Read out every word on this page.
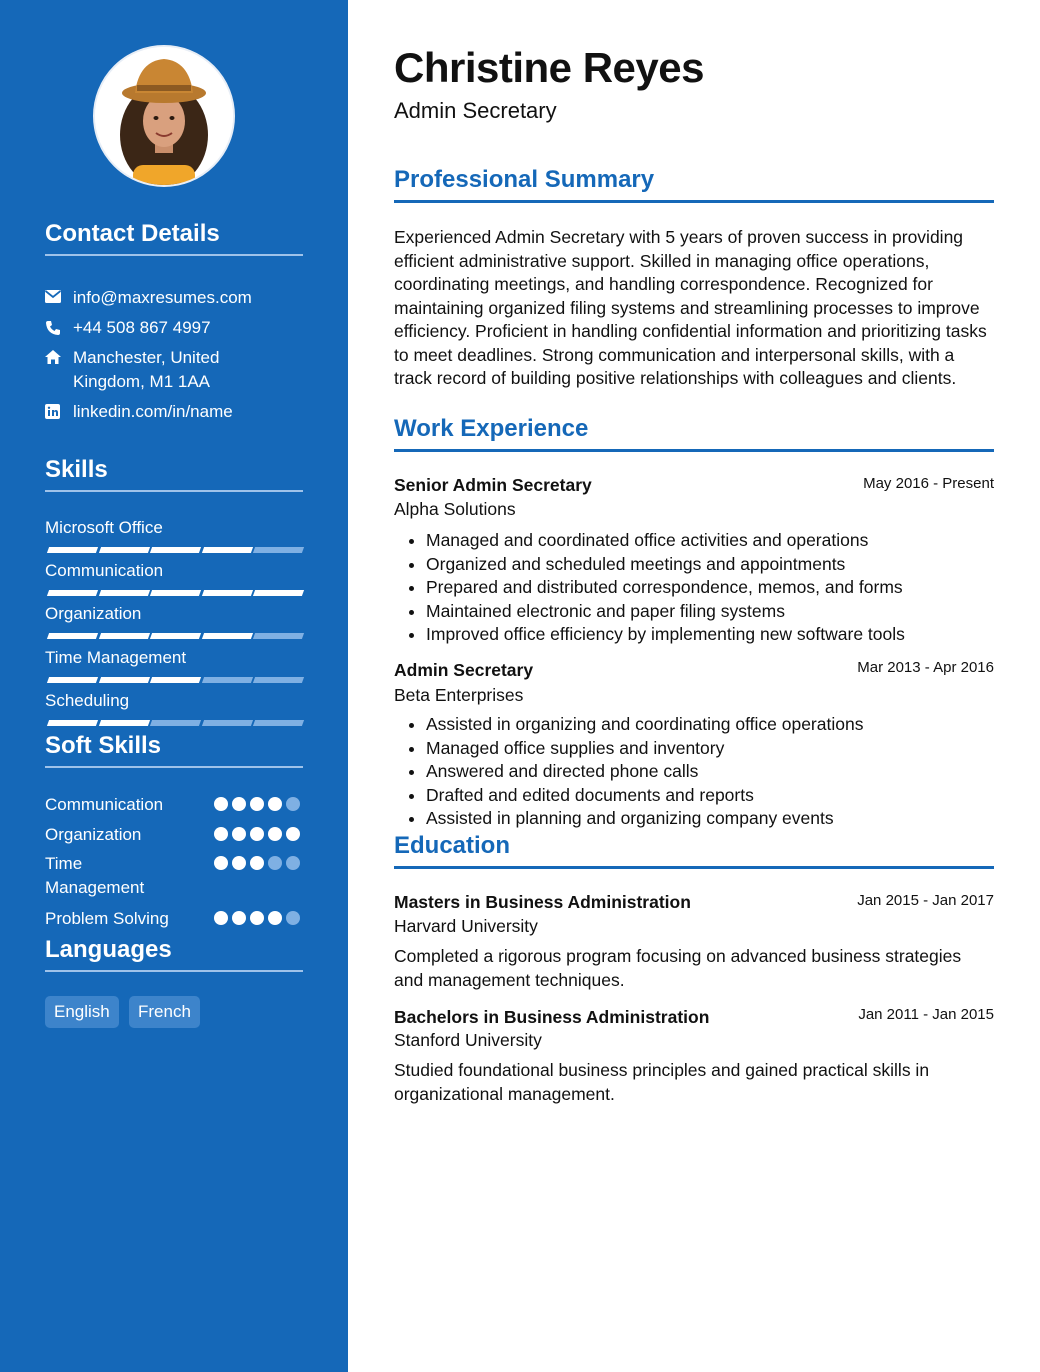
Contact Details
info@maxresumes.com
+44 508 867 4997
Manchester, United
Kingdom, M1 1AA
linkedin.com/in/name
Skills
Microsoft Office
Communication
Organization
Time Management
Scheduling
Soft Skills
Communication
Organization
Time Management
Problem Solving
Languages
English	French
Christine Reyes
Admin Secretary
Professional Summary
Experienced Admin Secretary with 5 years of proven success in providing efficient administrative support. Skilled in managing office operations, coordinating meetings, and handling correspondence. Recognized for maintaining organized filing systems and streamlining processes to improve efficiency. Proficient in handling confidential information and prioritizing tasks to meet deadlines. Strong communication and interpersonal skills, with a track record of building positive relationships with colleagues and clients.
Work Experience
Senior Admin Secretary	May 2016 - Present
Alpha Solutions
• Managed and coordinated office activities and operations
• Organized and scheduled meetings and appointments
• Prepared and distributed correspondence, memos, and forms
• Maintained electronic and paper filing systems
• Improved office efficiency by implementing new software tools
Admin Secretary	Mar 2013 - Apr 2016
Beta Enterprises
• Assisted in organizing and coordinating office operations
• Managed office supplies and inventory
• Answered and directed phone calls
• Drafted and edited documents and reports
• Assisted in planning and organizing company events
Education
Masters in Business Administration	Jan 2015 - Jan 2017
Harvard University
Completed a rigorous program focusing on advanced business strategies and management techniques.
Bachelors in Business Administration	Jan 2011 - Jan 2015
Stanford University
Studied foundational business principles and gained practical skills in organizational management.
